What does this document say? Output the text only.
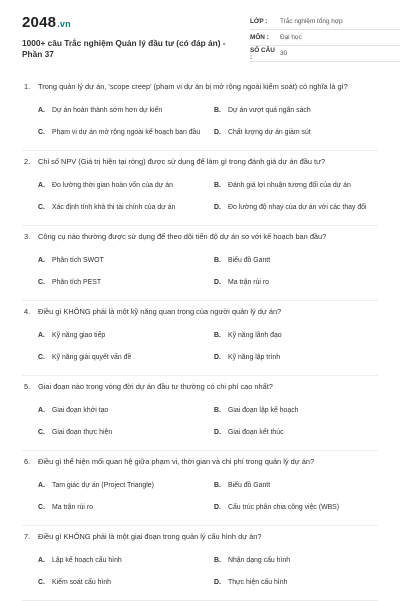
2048.vn
1000+ câu Trắc nghiệm Quản lý đầu tư (có đáp án) - Phần 37
LỚP :	Trắc nghiệm tổng hợp
MÔN :	Đại học
SỐ CÂU :	30
1.	Trong quản lý dự án, 'scope creep' (phạm vi dự án bị mở rộng ngoài kiểm soát) có nghĩa là gì?
A.	Dự án hoàn thành sớm hơn dự kiến	B.	Dự án vượt quá ngân sách
C.	Phạm vi dự án mở rộng ngoài kế hoạch ban đầu	D.	Chất lượng dự án giảm sút
2.	Chỉ số NPV (Giá trị hiện tại ròng) được sử dụng để làm gì trong đánh giá dự án đầu tư?
A.	Đo lường thời gian hoàn vốn của dự án	B.	Đánh giá lợi nhuận tương đối của dự án
C.	Xác định tính khả thi tài chính của dự án	D.	Đo lường độ nhạy của dự án với các thay đổi
3.	Công cụ nào thường được sử dụng để theo dõi tiến độ dự án so với kế hoạch ban đầu?
A.	Phân tích SWOT	B.	Biểu đồ Gantt
C.	Phân tích PEST	D.	Ma trận rủi ro
4.	Điều gì KHÔNG phải là một kỹ năng quan trọng của người quản lý dự án?
A.	Kỹ năng giao tiếp	B.	Kỹ năng lãnh đạo
C.	Kỹ năng giải quyết vấn đề	D.	Kỹ năng lập trình
5.	Giai đoạn nào trong vòng đời dự án đầu tư thường có chi phí cao nhất?
A.	Giai đoạn khởi tạo	B.	Giai đoạn lập kế hoạch
C.	Giai đoạn thực hiện	D.	Giai đoạn kết thúc
6.	Điều gì thể hiện mối quan hệ giữa phạm vi, thời gian và chi phí trong quản lý dự án?
A.	Tam giác dự án (Project Triangle)	B.	Biểu đồ Gantt
C.	Ma trận rủi ro	D.	Cấu trúc phân chia công việc (WBS)
7.	Điều gì KHÔNG phải là một giai đoạn trong quản lý cấu hình dự án?
A.	Lập kế hoạch cấu hình	B.	Nhận dạng cấu hình
C.	Kiểm soát cấu hình	D.	Thực hiện cấu hình
